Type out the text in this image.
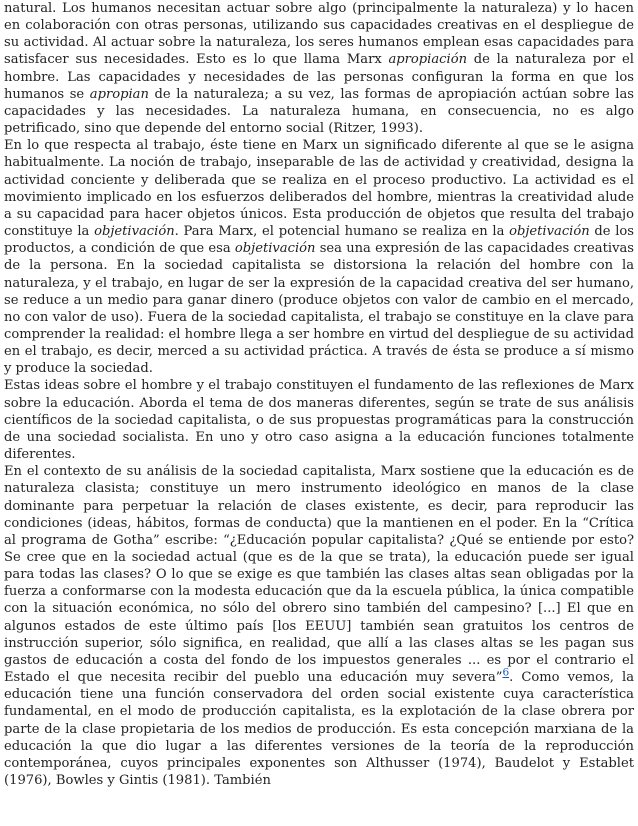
natural. Los humanos necesitan actuar sobre algo (principalmente la naturaleza) y lo hacen en colaboración con otras personas, utilizando sus capacidades creativas en el despliegue de su actividad. Al actuar sobre la naturaleza, los seres humanos emplean esas capacidades para satisfacer sus necesidades. Esto es lo que llama Marx apropiación de la naturaleza por el hombre. Las capacidades y necesidades de las personas configuran la forma en que los humanos se apropian de la naturaleza; a su vez, las formas de apropiación actúan sobre las capacidades y las necesidades. La naturaleza humana, en consecuencia, no es algo petrificado, sino que depende del entorno social (Ritzer, 1993).

En lo que respecta al trabajo, éste tiene en Marx un significado diferente al que se le asigna habitualmente. La noción de trabajo, inseparable de las de actividad y creatividad, designa la actividad conciente y deliberada que se realiza en el proceso productivo. La actividad es el movimiento implicado en los esfuerzos deliberados del hombre, mientras la creatividad alude a su capacidad para hacer objetos únicos. Esta producción de objetos que resulta del trabajo constituye la objetivación. Para Marx, el potencial humano se realiza en la objetivación de los productos, a condición de que esa objetivación sea una expresión de las capacidades creativas de la persona. En la sociedad capitalista se distorsiona la relación del hombre con la naturaleza, y el trabajo, en lugar de ser la expresión de la capacidad creativa del ser humano, se reduce a un medio para ganar dinero (produce objetos con valor de cambio en el mercado, no con valor de uso). Fuera de la sociedad capitalista, el trabajo se constituye en la clave para comprender la realidad: el hombre llega a ser hombre en virtud del despliegue de su actividad en el trabajo, es decir, merced a su actividad práctica. A través de ésta se produce a sí mismo y produce la sociedad.

Estas ideas sobre el hombre y el trabajo constituyen el fundamento de las reflexiones de Marx sobre la educación. Aborda el tema de dos maneras diferentes, según se trate de sus análisis científicos de la sociedad capitalista, o de sus propuestas programáticas para la construcción de una sociedad socialista. En uno y otro caso asigna a la educación funciones totalmente diferentes.

En el contexto de su análisis de la sociedad capitalista, Marx sostiene que la educación es de naturaleza clasista; constituye un mero instrumento ideológico en manos de la clase dominante para perpetuar la relación de clases existente, es decir, para reproducir las condiciones (ideas, hábitos, formas de conducta) que la mantienen en el poder. En la “Crítica al programa de Gotha” escribe: “¿Educación popular capitalista? ¿Qué se entiende por esto? Se cree que en la sociedad actual (que es de la que se trata), la educación puede ser igual para todas las clases? O lo que se exige es que también las clases altas sean obligadas por la fuerza a conformarse con la modesta educación que da la escuela pública, la única compatible con la situación económica, no sólo del obrero sino también del campesino? [...] El que en algunos estados de este último país [los EEUU] también sean gratuitos los centros de instrucción superior, sólo significa, en realidad, que allí a las clases altas se les pagan sus gastos de educación a costa del fondo de los impuestos generales ... es por el contrario el Estado el que necesita recibir del pueblo una educación muy severa”$^6$. Como vemos, la educación tiene una función conservadora del orden social existente cuya característica fundamental, en el modo de producción capitalista, es la explotación de la clase obrera por parte de la clase propietaria de los medios de producción. Es esta concepción marxiana de la educación la que dio lugar a las diferentes versiones de la teoría de la reproducción contemporánea, cuyos principales exponentes son Althusser (1974), Baudelot y Establet (1976), Bowles y Gintis (1981). También
